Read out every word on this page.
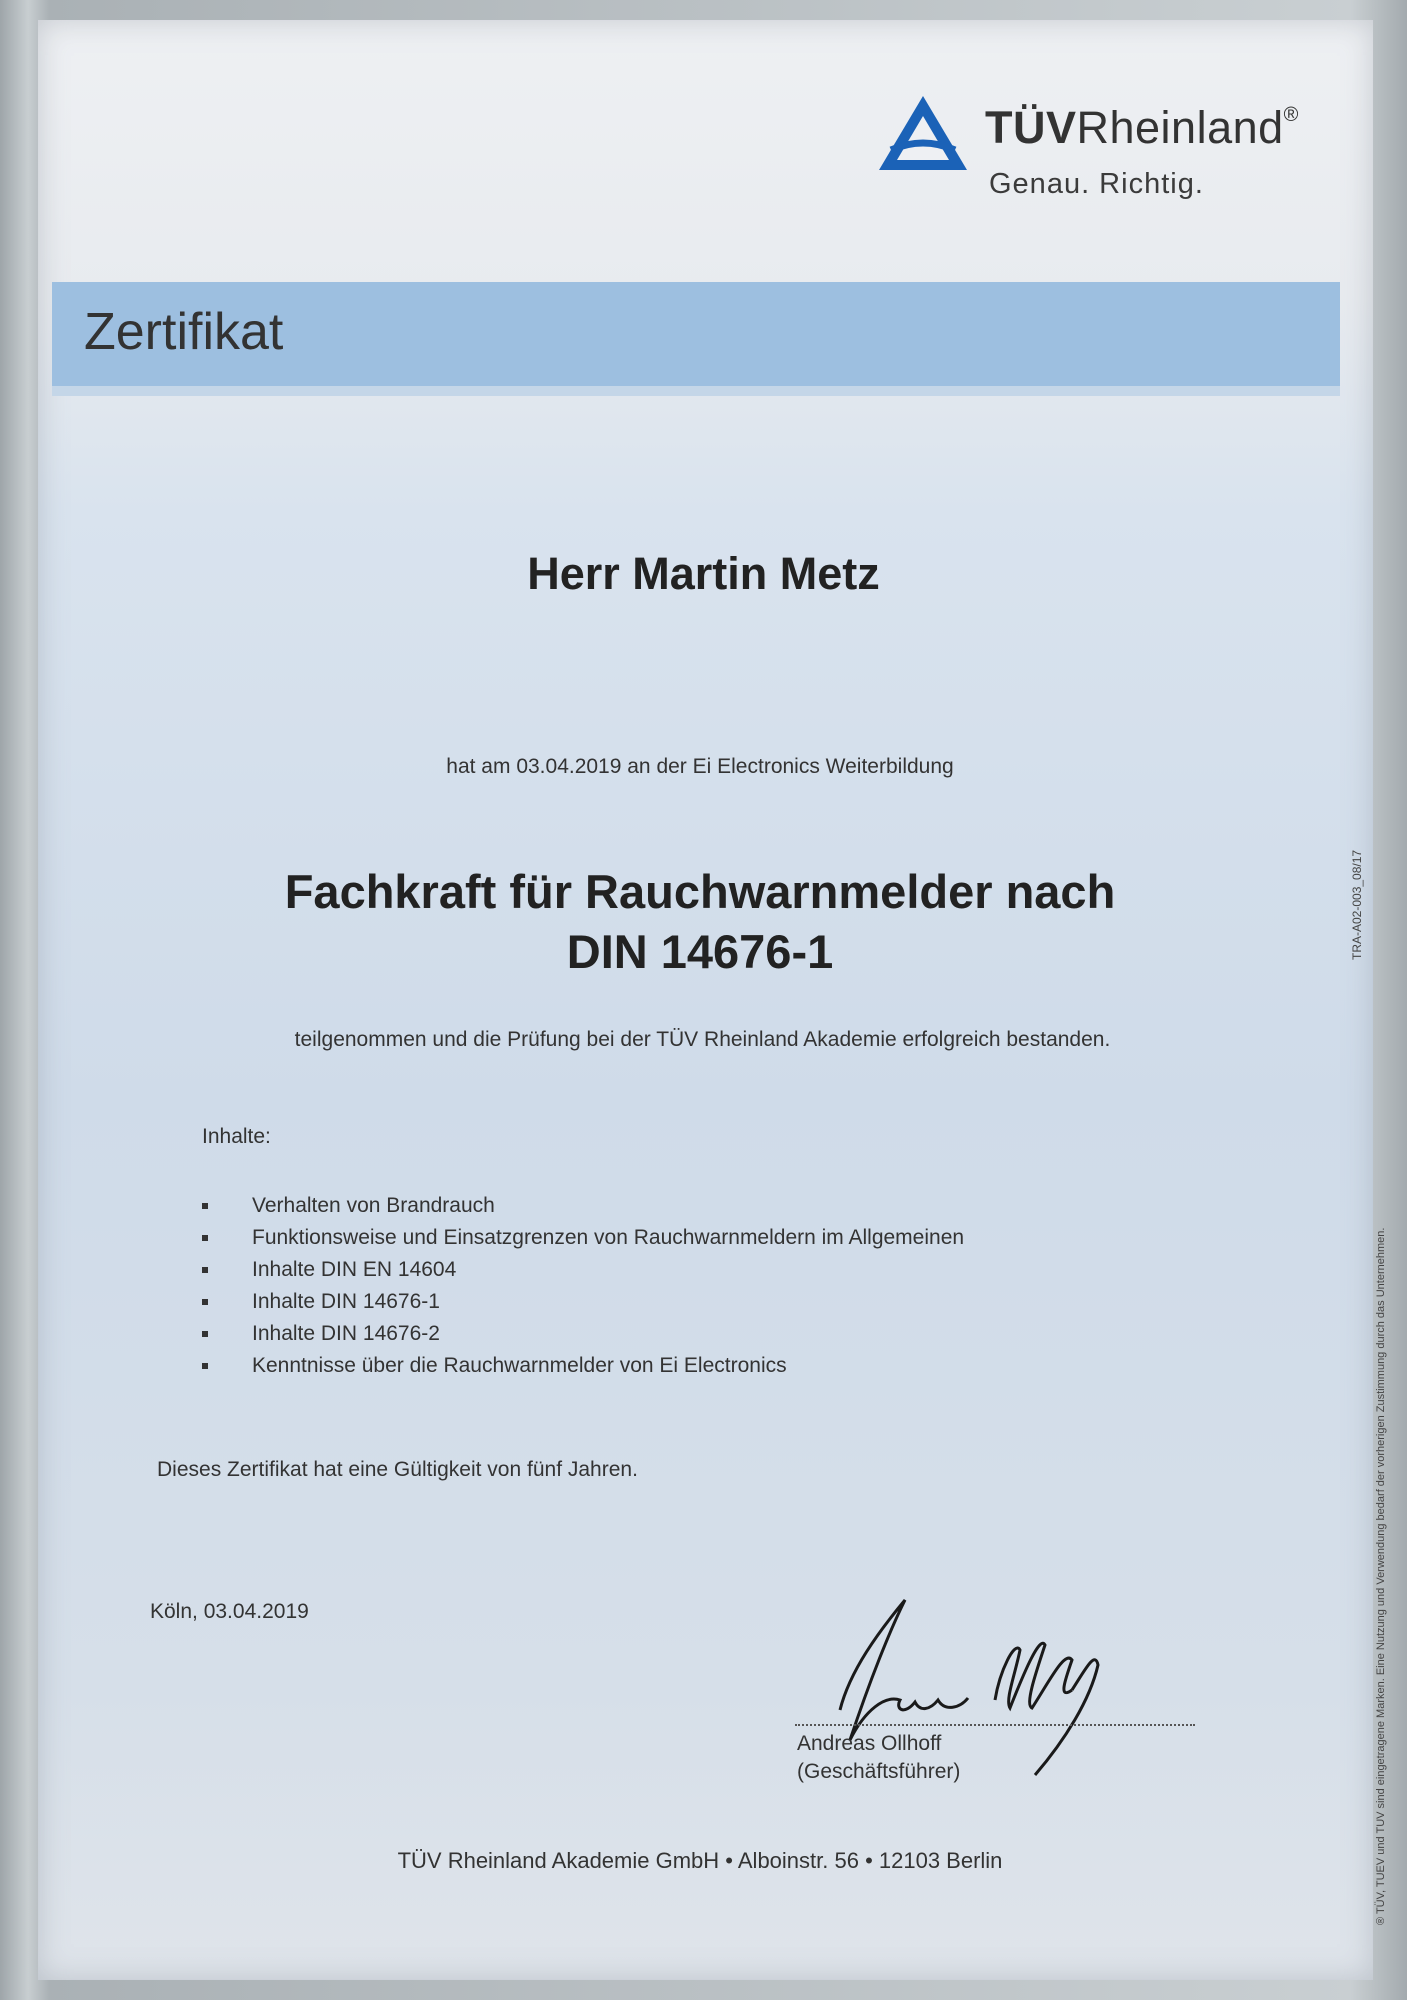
TÜVRheinland®
Genau. Richtig.
Zertifikat
Herr Martin Metz
hat am 03.04.2019 an der Ei Electronics Weiterbildung
Fachkraft für Rauchwarnmelder nach
DIN 14676-1
teilgenommen und die Prüfung bei der TÜV Rheinland Akademie erfolgreich bestanden.
Inhalte:
Verhalten von Brandrauch
Funktionsweise und Einsatzgrenzen von Rauchwarnmeldern im Allgemeinen
Inhalte DIN EN 14604
Inhalte DIN 14676-1
Inhalte DIN 14676-2
Kenntnisse über die Rauchwarnmelder von Ei Electronics
Dieses Zertifikat hat eine Gültigkeit von fünf Jahren.
Köln, 03.04.2019
Andreas Ollhoff
(Geschäftsführer)
TÜV Rheinland Akademie GmbH • Alboinstr. 56 • 12103 Berlin
TRA-A02-003_08/17
® TÜV, TUEV und TUV sind eingetragene Marken. Eine Nutzung und Verwendung bedarf der vorherigen Zustimmung durch das Unternehmen.
